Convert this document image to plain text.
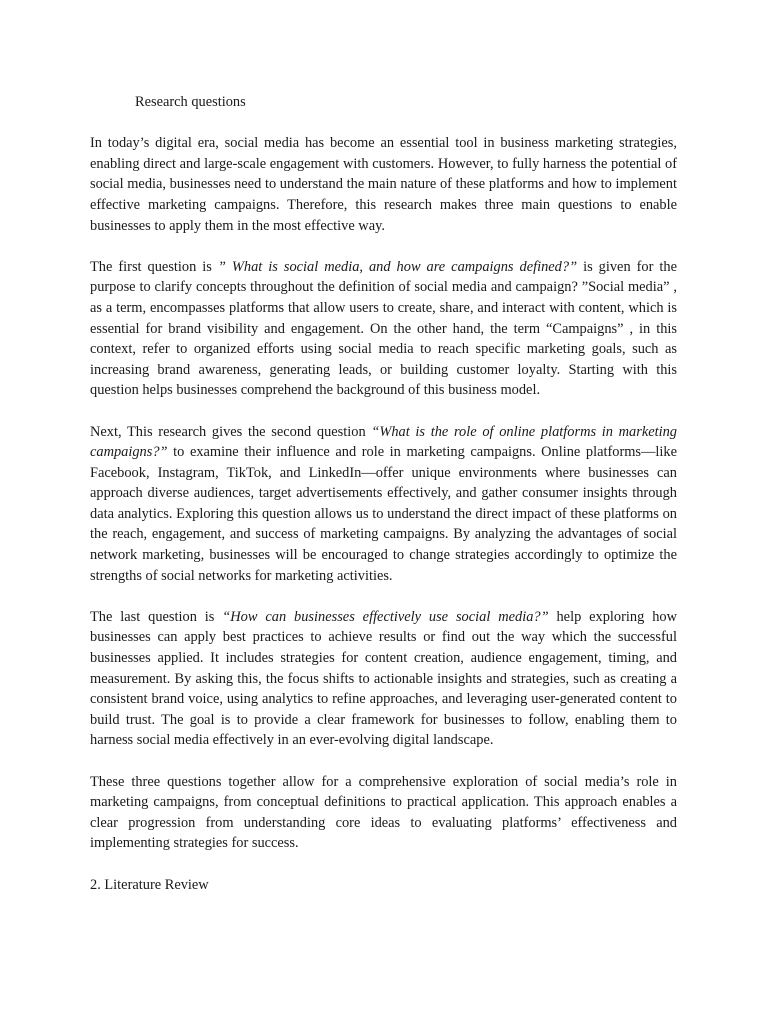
Research questions

In today’s digital era, social media has become an essential tool in business marketing strategies, enabling direct and large-scale engagement with customers. However, to fully harness the potential of social media, businesses need to understand the main nature of these platforms and how to implement effective marketing campaigns. Therefore, this research makes three main questions to enable businesses to apply them in the most effective way.

The first question is ” What is social media, and how are campaigns defined?” is given for the purpose to clarify concepts throughout the definition of social media and campaign? ”Social media” , as a term, encompasses platforms that allow users to create, share, and interact with content, which is essential for brand visibility and engagement. On the other hand, the term “Campaigns” , in this context, refer to organized efforts using social media to reach specific marketing goals, such as increasing brand awareness, generating leads, or building customer loyalty. Starting with this question helps businesses comprehend the background of this business model.

Next, This research gives the second question “What is the role of online platforms in marketing campaigns?” to examine their influence and role in marketing campaigns. Online platforms—like Facebook, Instagram, TikTok, and LinkedIn—offer unique environments where businesses can approach diverse audiences, target advertisements effectively, and gather consumer insights through data analytics. Exploring this question allows us to understand the direct impact of these platforms on the reach, engagement, and success of marketing campaigns. By analyzing the advantages of social network marketing, businesses will be encouraged to change strategies accordingly to optimize the strengths of social networks for marketing activities.

The last question is “How can businesses effectively use social media?” help exploring how businesses can apply best practices to achieve results or find out the way which the successful businesses applied. It includes strategies for content creation, audience engagement, timing, and measurement. By asking this, the focus shifts to actionable insights and strategies, such as creating a consistent brand voice, using analytics to refine approaches, and leveraging user-generated content to build trust. The goal is to provide a clear framework for businesses to follow, enabling them to harness social media effectively in an ever-evolving digital landscape.

These three questions together allow for a comprehensive exploration of social media’s role in marketing campaigns, from conceptual definitions to practical application. This approach enables a clear progression from understanding core ideas to evaluating platforms’ effectiveness and implementing strategies for success.

2. Literature Review
